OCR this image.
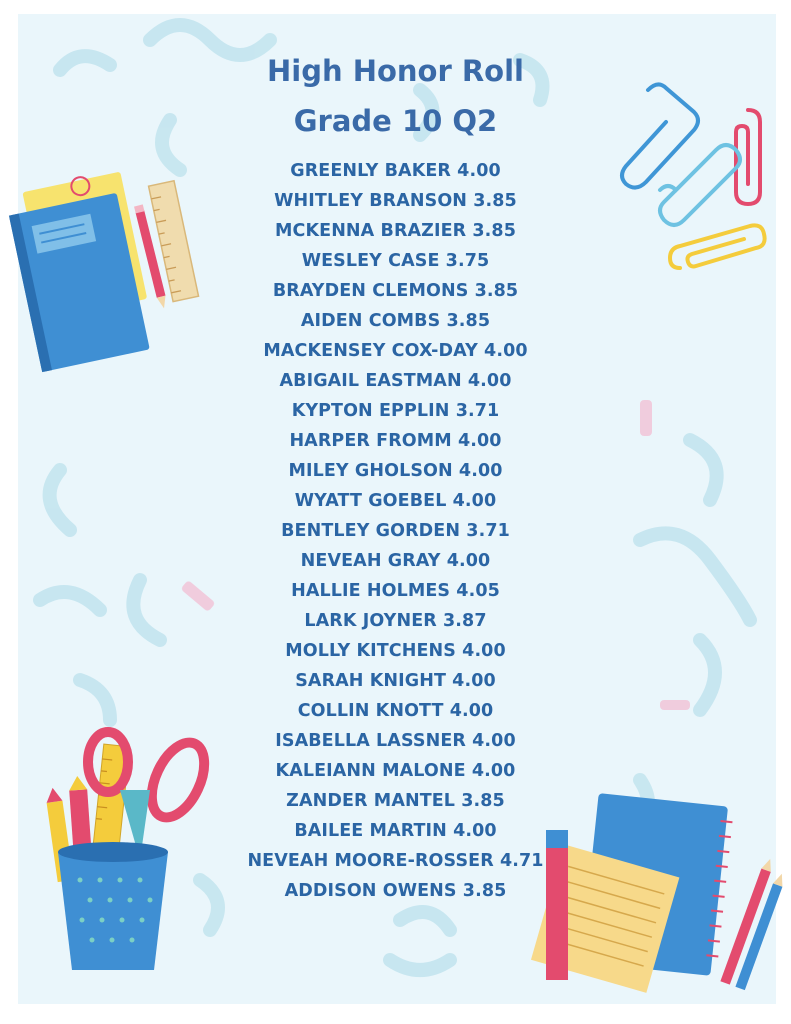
High Honor Roll
Grade 10 Q2
GREENLY BAKER 4.00
WHITLEY BRANSON 3.85
MCKENNA BRAZIER 3.85
WESLEY CASE 3.75
BRAYDEN CLEMONS 3.85
AIDEN COMBS 3.85
MACKENSEY COX-DAY 4.00
ABIGAIL EASTMAN 4.00
KYPTON EPPLIN 3.71
HARPER FROMM 4.00
MILEY GHOLSON 4.00
WYATT GOEBEL 4.00
BENTLEY GORDEN 3.71
NEVEAH GRAY 4.00
HALLIE HOLMES 4.05
LARK JOYNER 3.87
MOLLY KITCHENS 4.00
SARAH KNIGHT 4.00
COLLIN KNOTT 4.00
ISABELLA LASSNER 4.00
KALEIANN MALONE 4.00
ZANDER MANTEL 3.85
BAILEE MARTIN 4.00
NEVEAH MOORE-ROSSER 4.71
ADDISON OWENS 3.85
